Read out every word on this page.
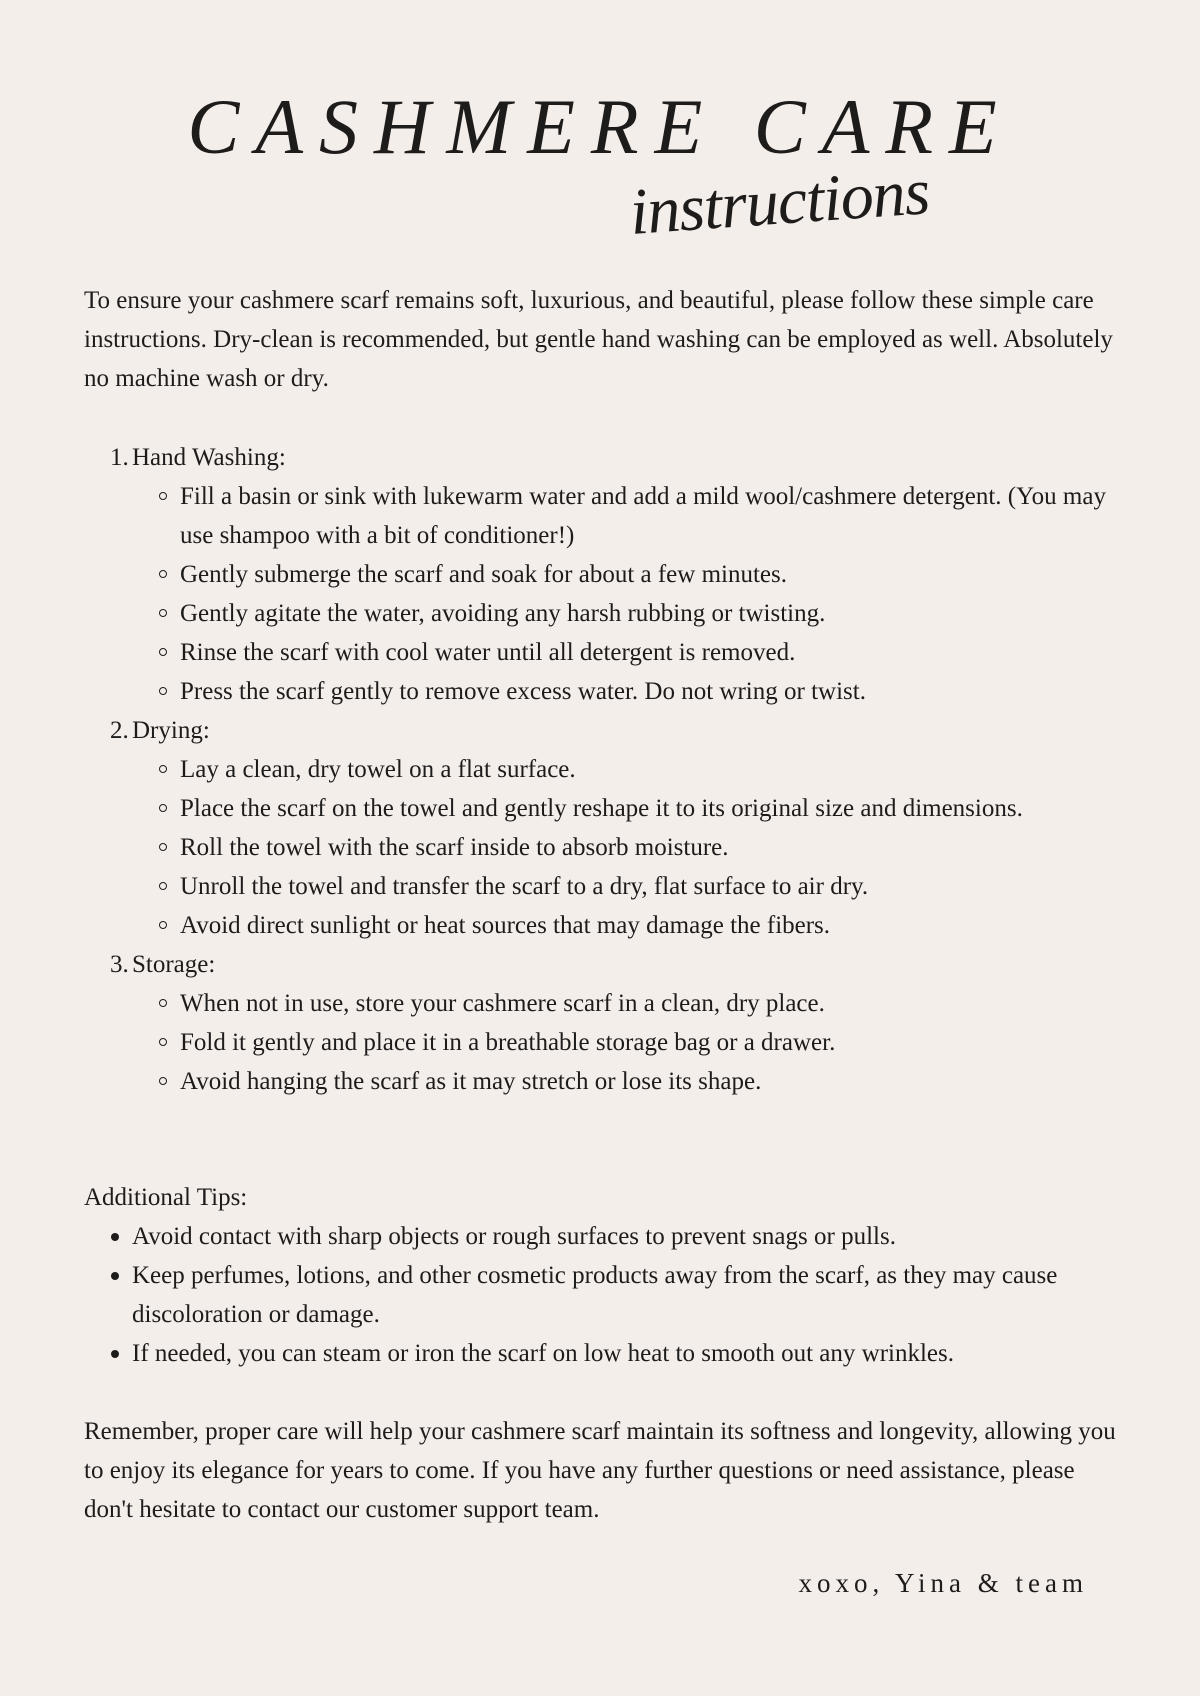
CASHMERE CARE
instructions

To ensure your cashmere scarf remains soft, luxurious, and beautiful, please follow these simple care instructions. Dry-clean is recommended, but gentle hand washing can be employed as well. Absolutely no machine wash or dry.

1. Hand Washing:
Fill a basin or sink with lukewarm water and add a mild wool/cashmere detergent. (You may use shampoo with a bit of conditioner!)
Gently submerge the scarf and soak for about a few minutes.
Gently agitate the water, avoiding any harsh rubbing or twisting.
Rinse the scarf with cool water until all detergent is removed.
Press the scarf gently to remove excess water. Do not wring or twist.
2. Drying:
Lay a clean, dry towel on a flat surface.
Place the scarf on the towel and gently reshape it to its original size and dimensions.
Roll the towel with the scarf inside to absorb moisture.
Unroll the towel and transfer the scarf to a dry, flat surface to air dry.
Avoid direct sunlight or heat sources that may damage the fibers.
3. Storage:
When not in use, store your cashmere scarf in a clean, dry place.
Fold it gently and place it in a breathable storage bag or a drawer.
Avoid hanging the scarf as it may stretch or lose its shape.

Additional Tips:

Avoid contact with sharp objects or rough surfaces to prevent snags or pulls.
Keep perfumes, lotions, and other cosmetic products away from the scarf, as they may cause discoloration or damage.
If needed, you can steam or iron the scarf on low heat to smooth out any wrinkles.

Remember, proper care will help your cashmere scarf maintain its softness and longevity, allowing you to enjoy its elegance for years to come. If you have any further questions or need assistance, please don't hesitate to contact our customer support team.

xoxo, Yina & team
